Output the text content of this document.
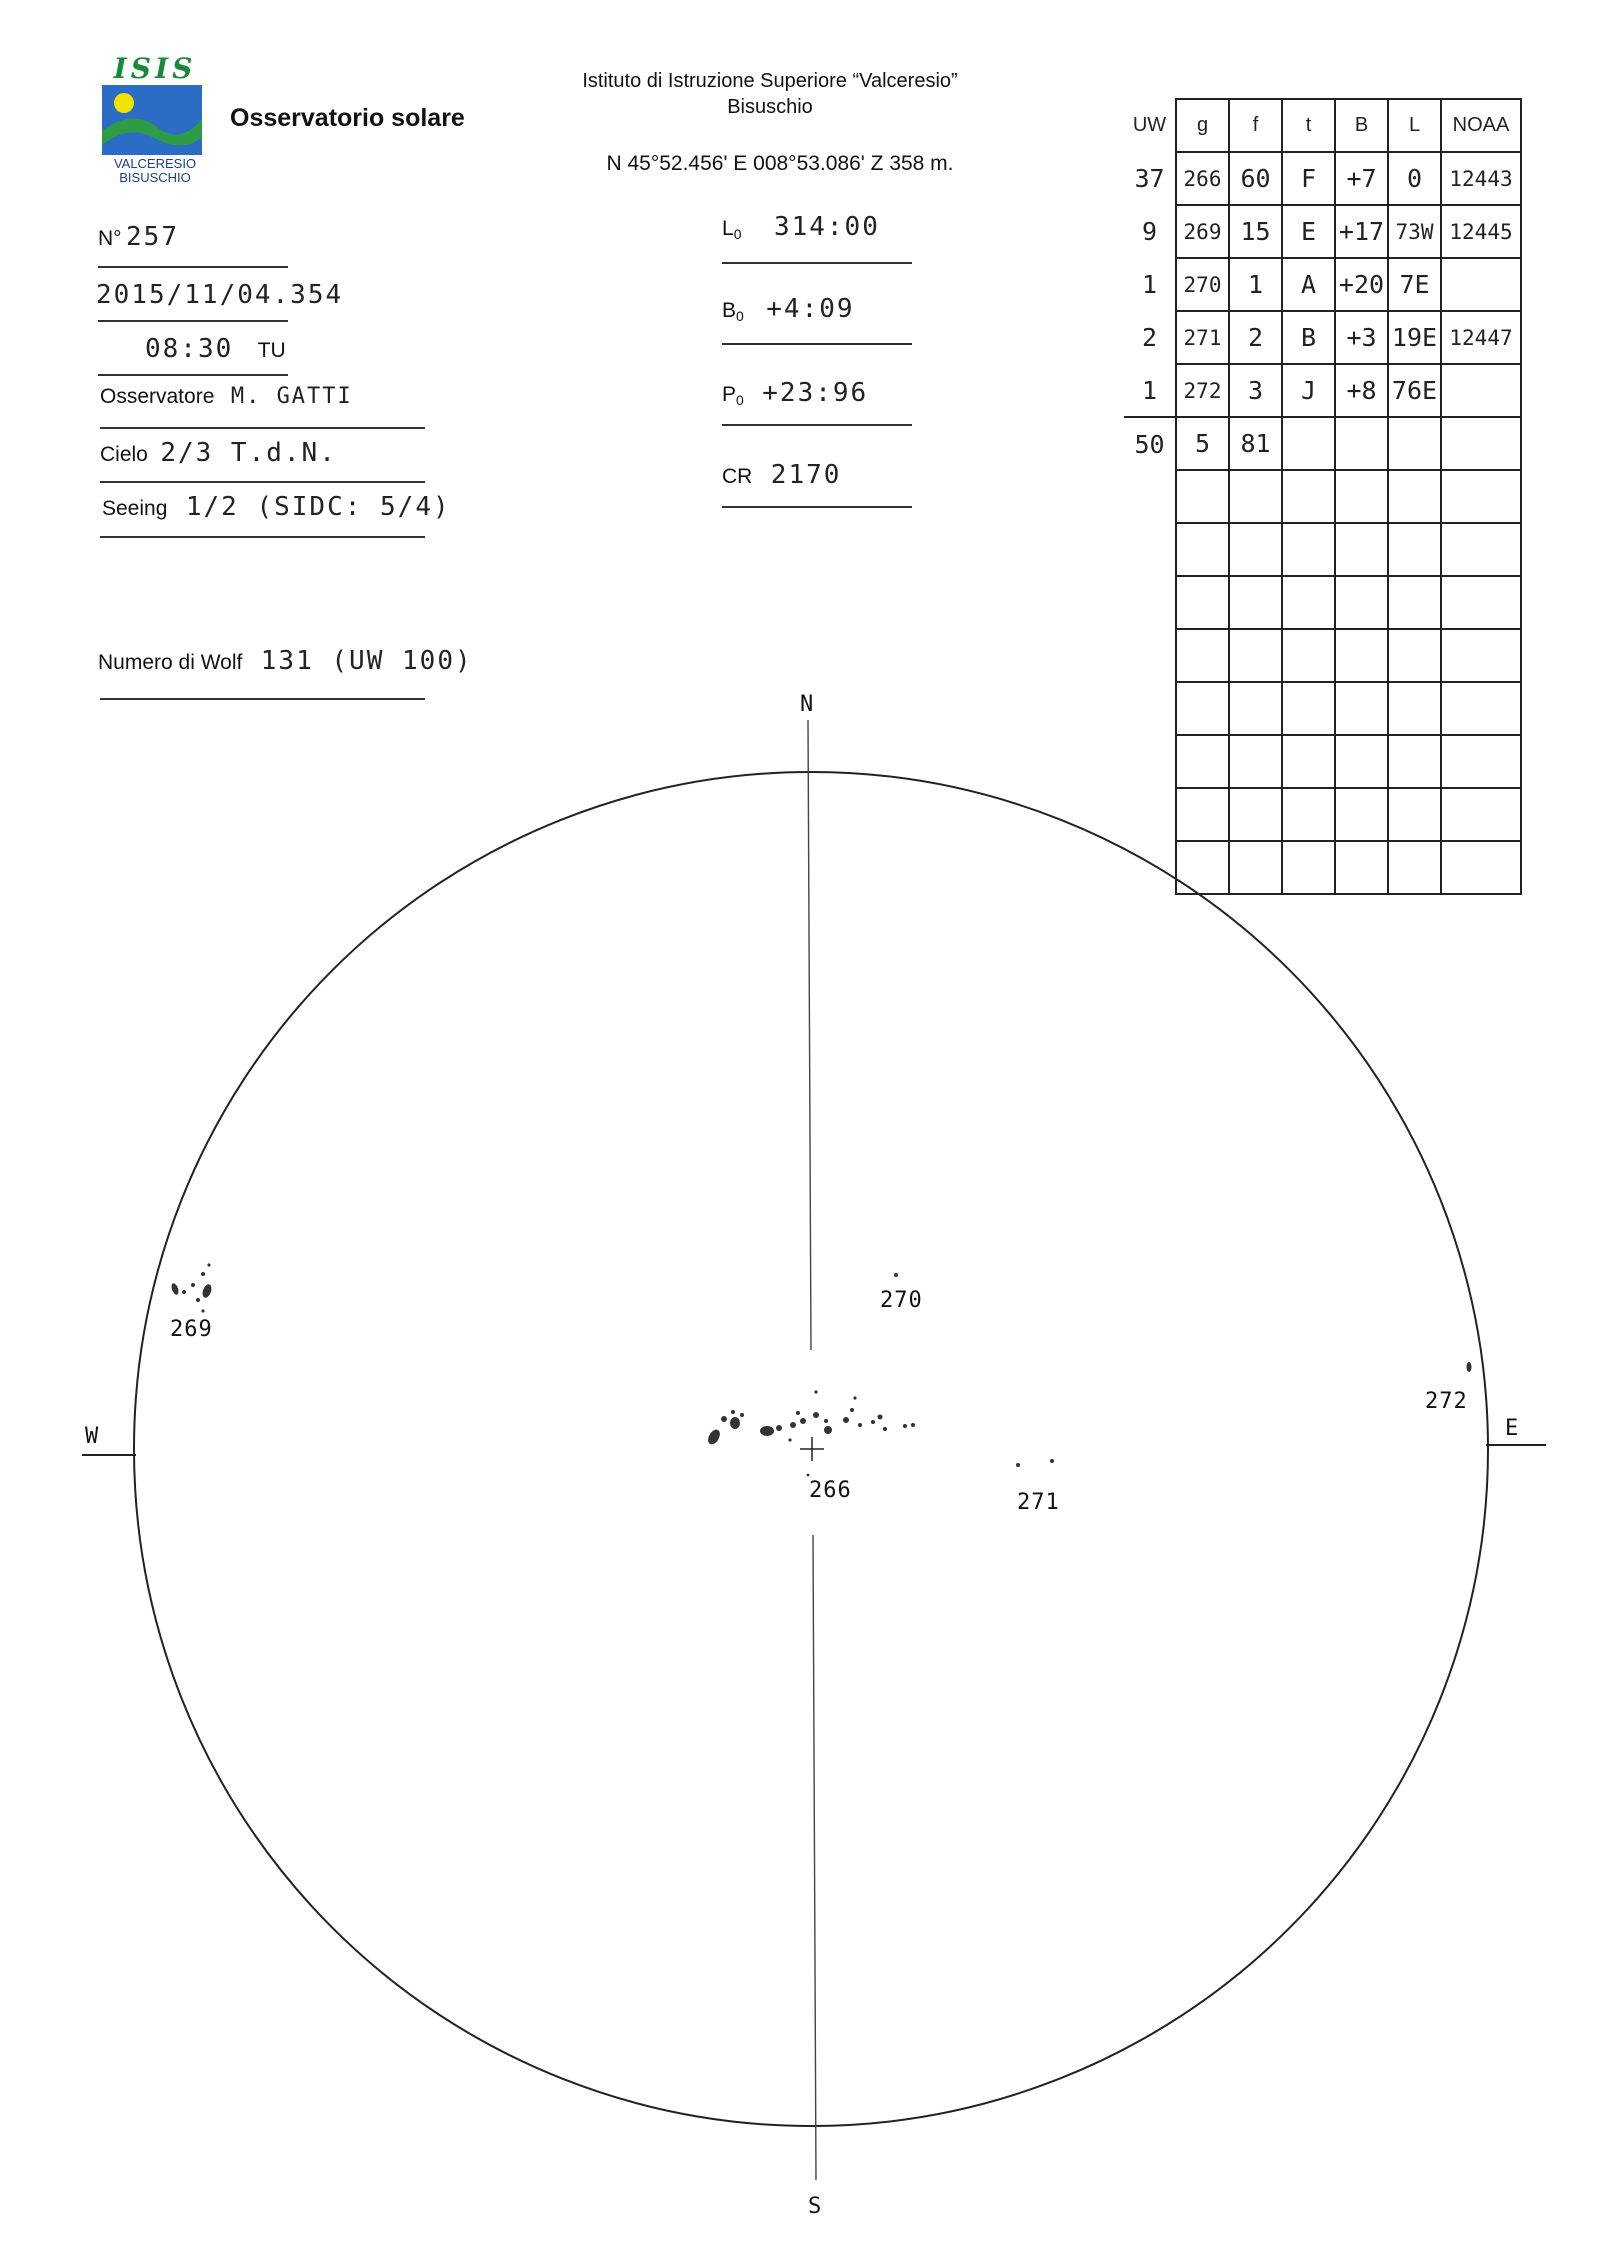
ISIS
VALCERESIO
BISUSCHIO
Osservatorio solare
Istituto di Istruzione Superiore “Valceresio”
Bisuschio
N 45°52.456' E 008°53.086' Z 358 m.
N° 257
2015/11/04.354
08:30 TU
Osservatore M. GATTI
Cielo 2/3 T.d.N.
Seeing 1/2 (SIDC: 5/4)
Numero di Wolf 131 (UW 100)
$L_0$ 314:00
$B_0$ +4:09
$P_0$ +23:96
CR 2170
UW	g	f	t	B	L	NOAA
37	266	60	F	+7	0	12443
9	269	15	E	+17	73W	12445
1	270	1	A	+20	7E	
2	271	2	B	+3	19E	12447
1	272	3	J	+8	76E	
50	5	81				

N
S
W	E
269
270
266	271
272
